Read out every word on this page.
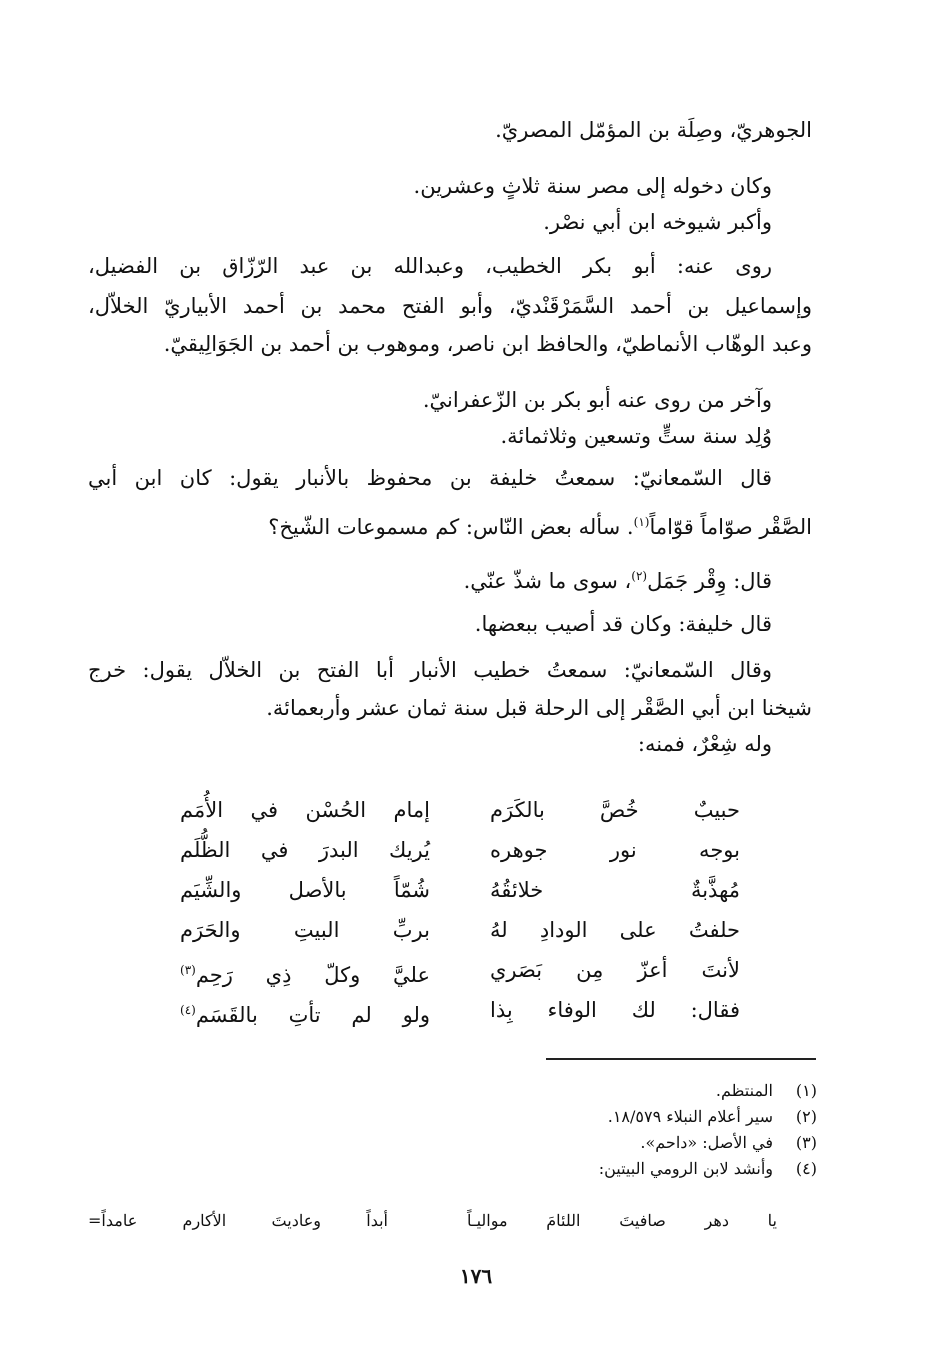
الجوهريّ، وصِلَة بن المؤمّل المصريّ.
وكان دخوله إلى مصر سنة ثلاثٍ وعشرين.
وأكبر شيوخه ابن أبي نصْر.
روى عنه: أبو بكر الخطيب، وعبدالله بن عبد الرّزّاق بن الفضيل،
وإسماعيل بن أحمد السَّمَرْقَنْديّ، وأبو الفتح محمد بن أحمد الأبياريّ الخلاّل،
وعبد الوهّاب الأنماطيّ، والحافظ ابن ناصر، وموهوب بن أحمد بن الجَوَالِيقيّ.
وآخر من روى عنه أبو بكر بن الزّعفرانيّ.
وُلِد سنة ستٍّ وتسعين وثلاثمائة.
قال السّمعانيّ: سمعتُ خليفة بن محفوظ بالأنبار يقول: كان ابن أبي
الصَّقْر صوّاماً قوّاماً$^{(١)}$. سأله بعض النّاس: كم مسموعات الشّيخ؟
قال: وِقْر جَمَل$^{(٢)}$، سوى ما شذّ عنّي.
قال خليفة: وكان قد أصيب ببعضها.
وقال السّمعانيّ: سمعتُ خطيب الأنبار أبا الفتح بن الخلاّل يقول: خرج
شيخنا ابن أبي الصَّقْر إلى الرحلة قبل سنة ثمان عشر وأربعمائة.
وله شِعْرٌ، فمنه:
حبيبٌ خُصَّ بالكَرَم
إمام الحُسْن في الأُمَم
بوجه نور جوهره
يُريك البدرَ في الظُّلَم
مُهذَّبةٌ خلائقُهُ
شُمّاً بالأصل والشِّيَم
حلفتُ على الودادِ لهُ
بربِّ البيتِ والحَرَم
لأنتَ أعزّ مِن بَصَري
عليَّ وكلّ ذِي رَحِم$^{(٣)}$
فقال: لك الوفاء بِذا
ولو لم تأتِ بالقَسَم$^{(٤)}$
يا دهر صافيتَ اللئامَ مواليـاً
أبداً وعاديتَ الأكارم عامداً=
(١)المنتظم.
(٢)سير أعلام النبلاء ١٨/٥٧٩.
(٣)في الأصل: «داحم».
(٤)وأنشد لابن الرومي البيتين:
١٧٦
